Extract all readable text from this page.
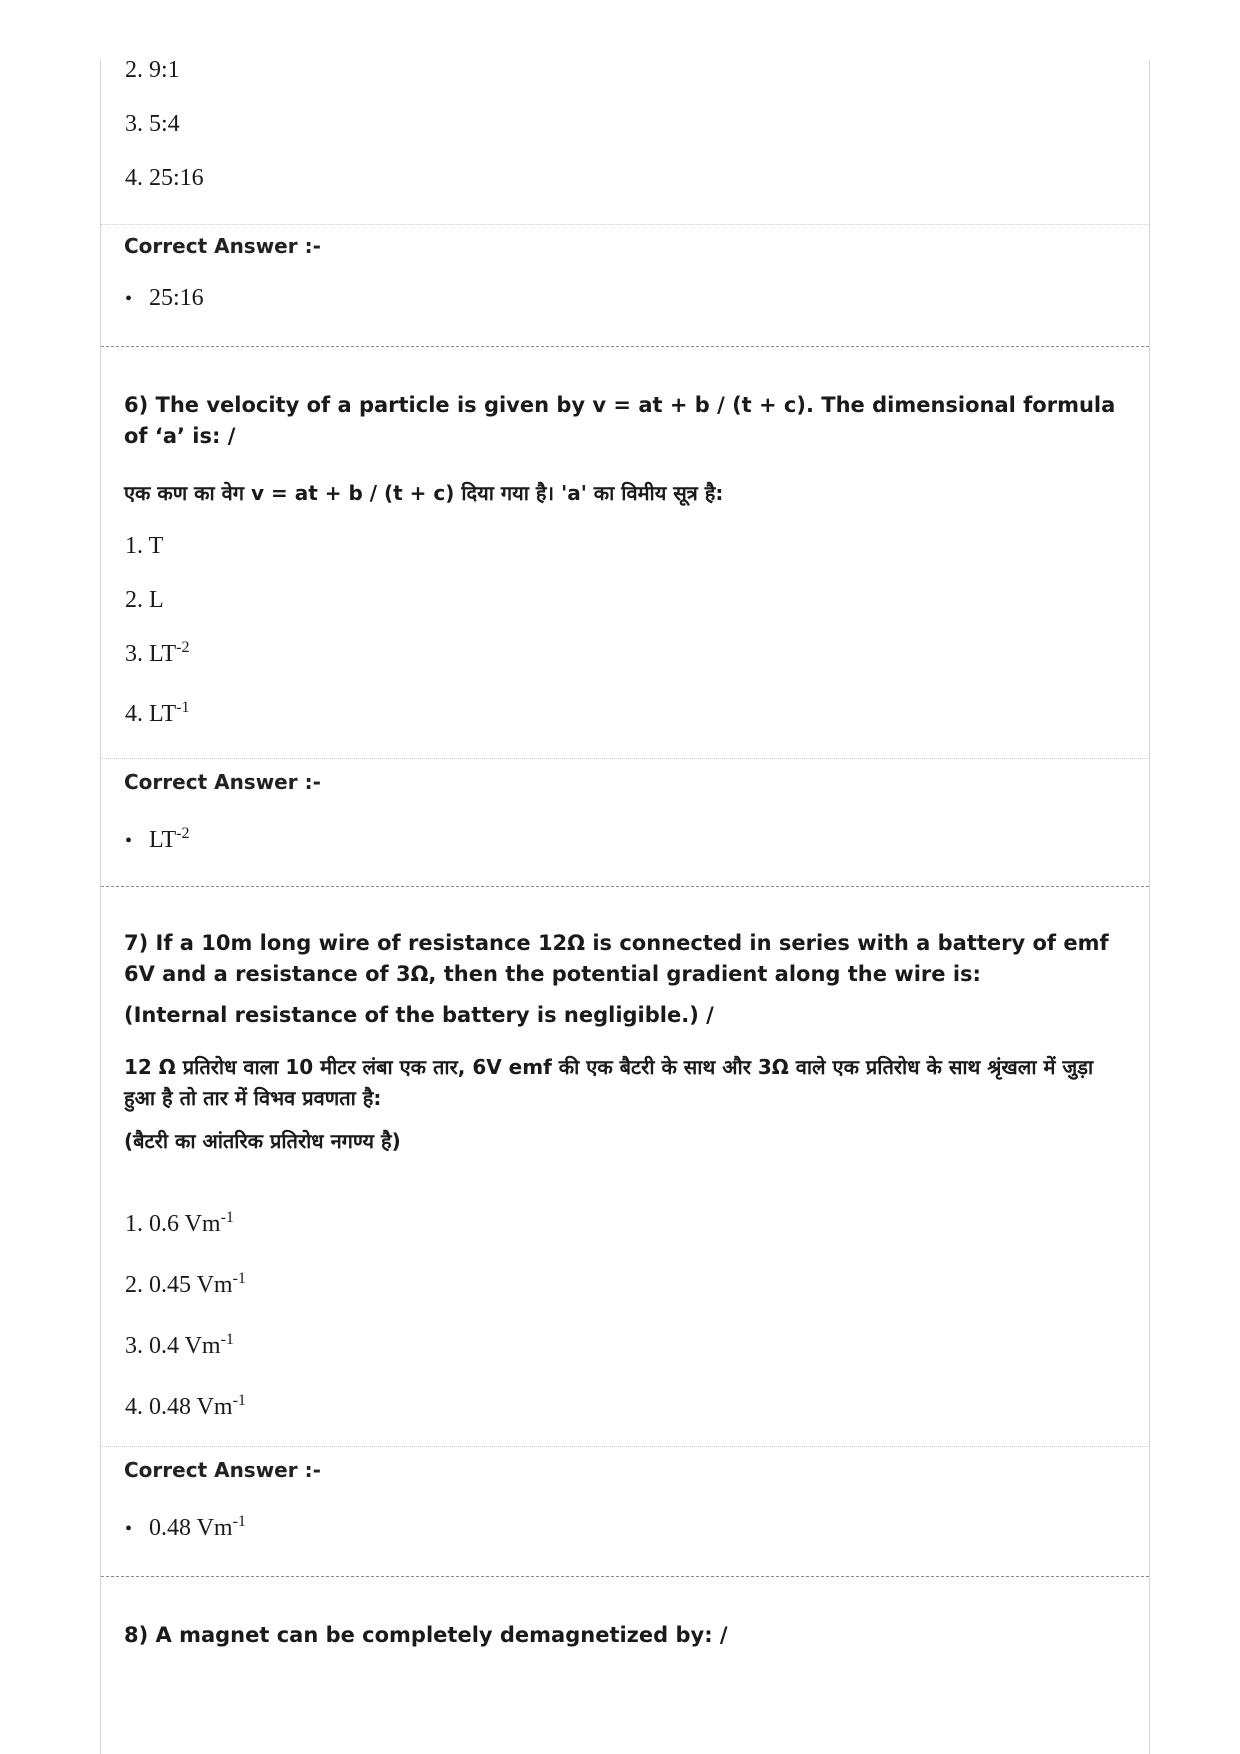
2. 9:1
3. 5:4
4. 25:16
Correct Answer :-
• 25:16
6) The velocity of a particle is given by v = at + b / (t + c). The dimensional formula of ‘a’ is: /
एक कण का वेग v = at + b / (t + c) दिया गया है। 'a' का विमीय सूत्र है:
1. T
2. L
3. $LT^{-2}$
4. $LT^{-1}$
Correct Answer :-
• $LT^{-2}$
7) If a 10m long wire of resistance 12Ω is connected in series with a battery of emf 6V and a resistance of 3Ω, then the potential gradient along the wire is:
(Internal resistance of the battery is negligible.) /
12 Ω प्रतिरोध वाला 10 मीटर लंबा एक तार, 6V emf की एक बैटरी के साथ और 3Ω वाले एक प्रतिरोध के साथ श्रृंखला में जुड़ा हुआ है तो तार में विभव प्रवणता है:
(बैटरी का आंतरिक प्रतिरोध नगण्य है)
1. 0.6 $Vm^{-1}$
2. 0.45 $Vm^{-1}$
3. 0.4 $Vm^{-1}$
4. 0.48 $Vm^{-1}$
Correct Answer :-
• 0.48 $Vm^{-1}$
8) A magnet can be completely demagnetized by: /
